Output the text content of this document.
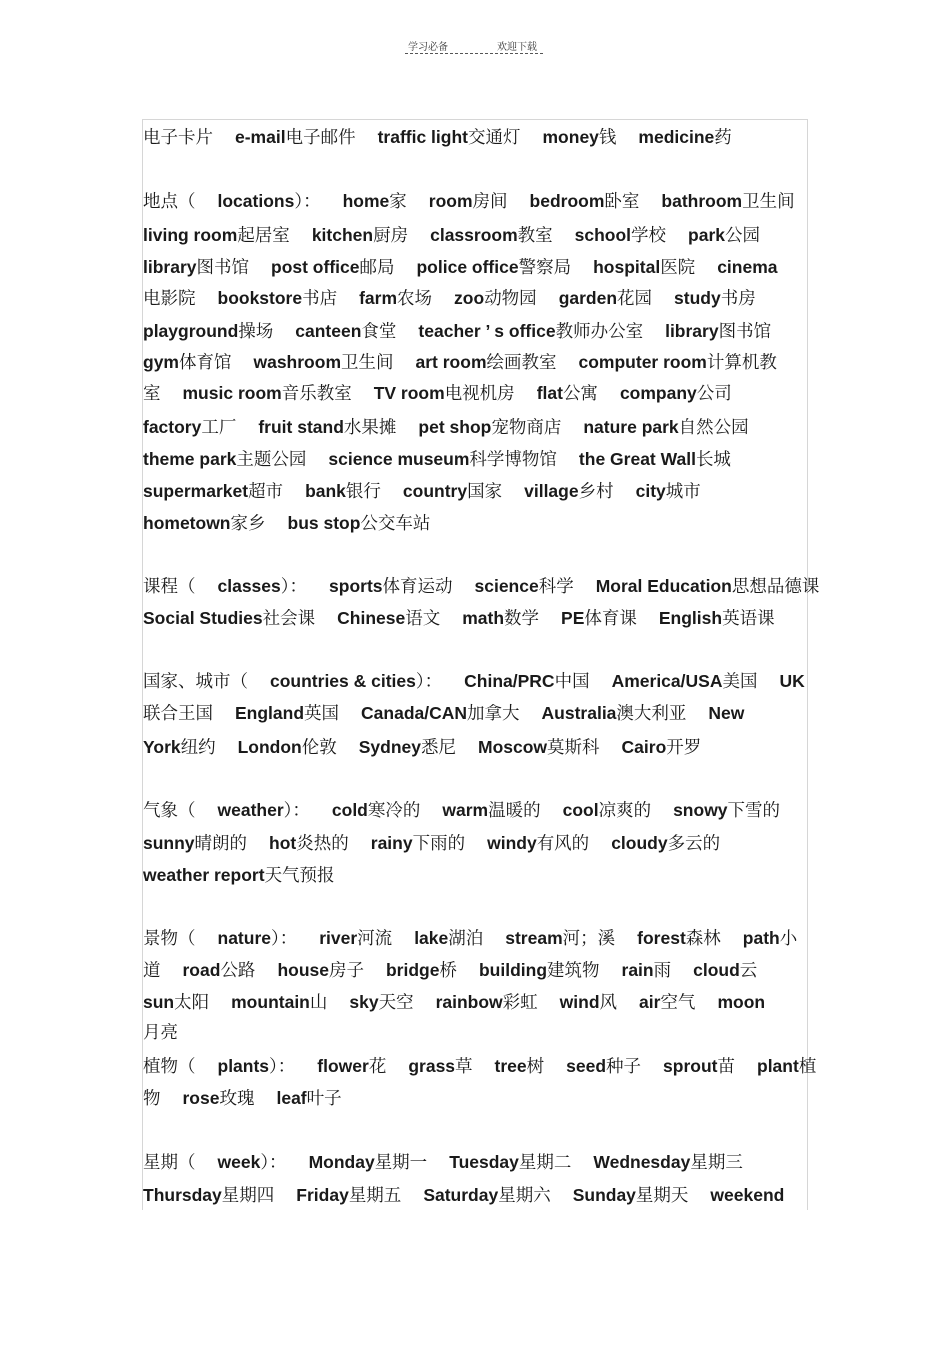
学习必备	欢迎下载
电子卡片 e-mail电子邮件 traffic light交通灯 money钱 medicine药
地点（ locations）： home家 room房间 bedroom卧室 bathroom卫生间
living room起居室 kitchen厨房 classroom教室 school学校 park公园
library图书馆 post office邮局 police office警察局 hospital医院 cinema
电影院 bookstore书店 farm农场 zoo动物园 garden花园 study书房
playground操场 canteen食堂 teacher ’ s office教师办公室 library图书馆
gym体育馆 washroom卫生间 art room绘画教室 computer room计算机教
室 music room音乐教室 TV room电视机房 flat公寓 company公司
factory工厂 fruit stand水果摊 pet shop宠物商店 nature park自然公园
theme park主题公园 science museum科学博物馆 the Great Wall长城
supermarket超市 bank银行 country国家 village乡村 city城市
hometown家乡 bus stop公交车站
课程（ classes）： sports体育运动 science科学 Moral Education思想品德课
Social Studies社会课 Chinese语文 math数学 PE体育课 English英语课
国家、城市（ countries & cities）： China/PRC中国 America/USA美国 UK
联合王国 England英国 Canada/CAN加拿大 Australia澳大利亚 New
York纽约 London伦敦 Sydney悉尼 Moscow莫斯科 Cairo开罗
气象（ weather）： cold寒冷的 warm温暖的 cool凉爽的 snowy下雪的
sunny晴朗的 hot炎热的 rainy下雨的 windy有风的 cloudy多云的
weather report天气预报
景物（ nature）： river河流 lake湖泊 stream河；溪 forest森林 path小
道 road公路 house房子 bridge桥 building建筑物 rain雨 cloud云
sun太阳 mountain山 sky天空 rainbow彩虹 wind风 air空气 moon
月亮
植物（ plants）： flower花 grass草 tree树 seed种子 sprout苗 plant植
物 rose玫瑰 leaf叶子
星期（ week）： Monday星期一 Tuesday星期二 Wednesday星期三
Thursday星期四 Friday星期五 Saturday星期六 Sunday星期天 weekend
